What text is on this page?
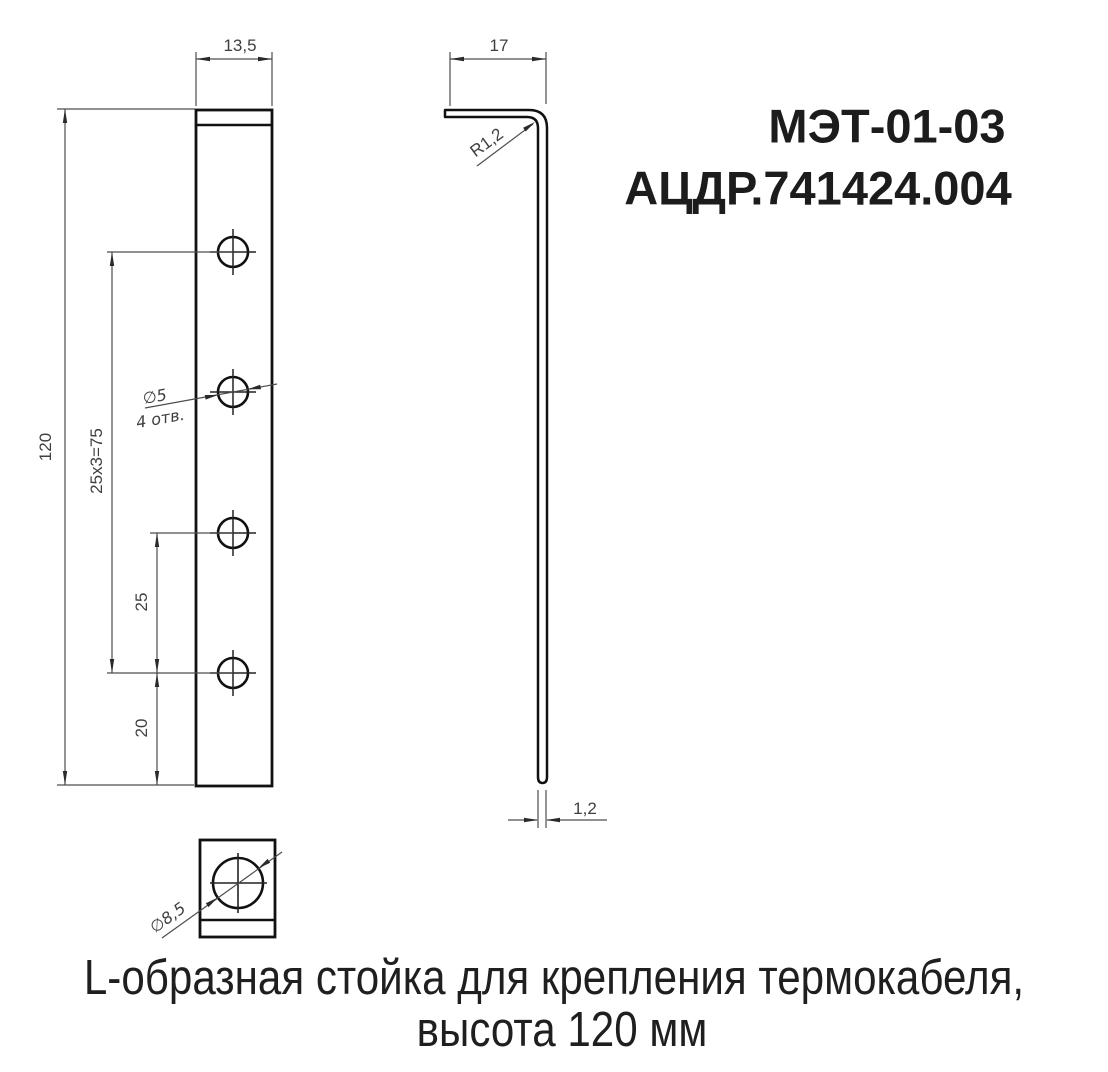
13,5	17
120 25x3=75
25
20
1,2
R1,2
∅5
4 отв.
∅8,5
МЭТ-01-03
АЦДР.741424.004
L-образная стойка для крепления термокабеля,
высота 120 мм
